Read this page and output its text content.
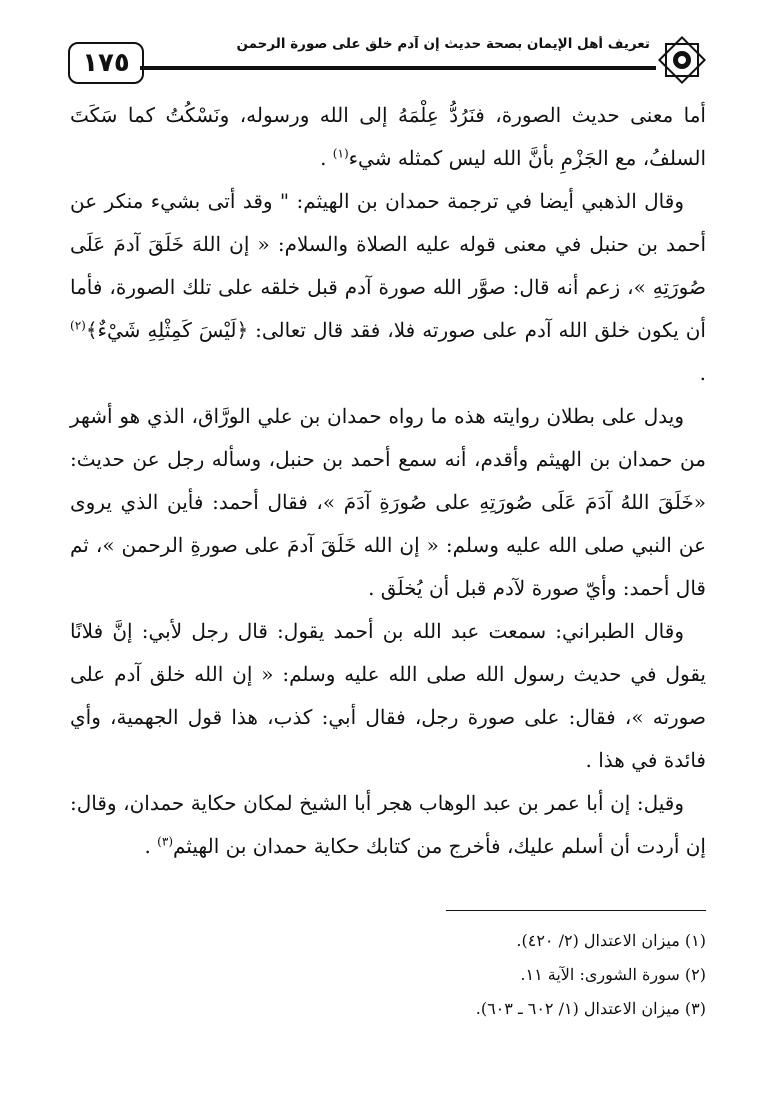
١٧٥
تعريف أهل الإيمان بصحة حديث إن آدم خلق على صورة الرحمن

أما معنى حديث الصورة، فنَرُدُّ عِلْمَهُ إلى الله ورسوله، ونَسْكُتُ كما سَكَتَ السلفُ، مع الجَزْمِ بأنَّ الله ليس كمثله شيء$^{(١)}$ .

وقال الذهبي أيضا في ترجمة حمدان بن الهيثم: " وقد أتى بشيء منكر عن أحمد بن حنبل في معنى قوله عليه الصلاة والسلام: « إن اللهَ خَلَقَ آدمَ عَلَى صُورَتِهِ »، زعم أنه قال: صوَّر الله صورة آدم قبل خلقه على تلك الصورة، فأما أن يكون خلق الله آدم على صورته فلا، فقد قال تعالى: ﴿لَيْسَ كَمِثْلِهِ شَيْءٌ﴾$^{(٢)}$ .

ويدل على بطلان روايته هذه ما رواه حمدان بن علي الورَّاق، الذي هو أشهر من حمدان بن الهيثم وأقدم، أنه سمع أحمد بن حنبل، وسأله رجل عن حديث: «خَلَقَ اللهُ آدَمَ عَلَى صُورَتِهِ على صُورَةِ آدَمَ »، فقال أحمد: فأين الذي يروى عن النبي صلى الله عليه وسلم: « إن الله خَلَقَ آدمَ على صورةِ الرحمن »، ثم قال أحمد: وأيّ صورة لآدم قبل أن يُخلَق .

وقال الطبراني: سمعت عبد الله بن أحمد يقول: قال رجل لأبي: إنَّ فلانًا يقول في حديث رسول الله صلى الله عليه وسلم: « إن الله خلق آدم على صورته »، فقال: على صورة رجل، فقال أبي: كذب، هذا قول الجهمية، وأي فائدة في هذا .

وقيل: إن أبا عمر بن عبد الوهاب هجر أبا الشيخ لمكان حكاية حمدان، وقال: إن أردت أن أسلم عليك، فأخرج من كتابك حكاية حمدان بن الهيثم$^{(٣)}$ .

(١) ميزان الاعتدال (٢/ ٤٢٠).

(٢) سورة الشورى: الآية ١١.

(٣) ميزان الاعتدال (١/ ٦٠٢ ـ ٦٠٣).
